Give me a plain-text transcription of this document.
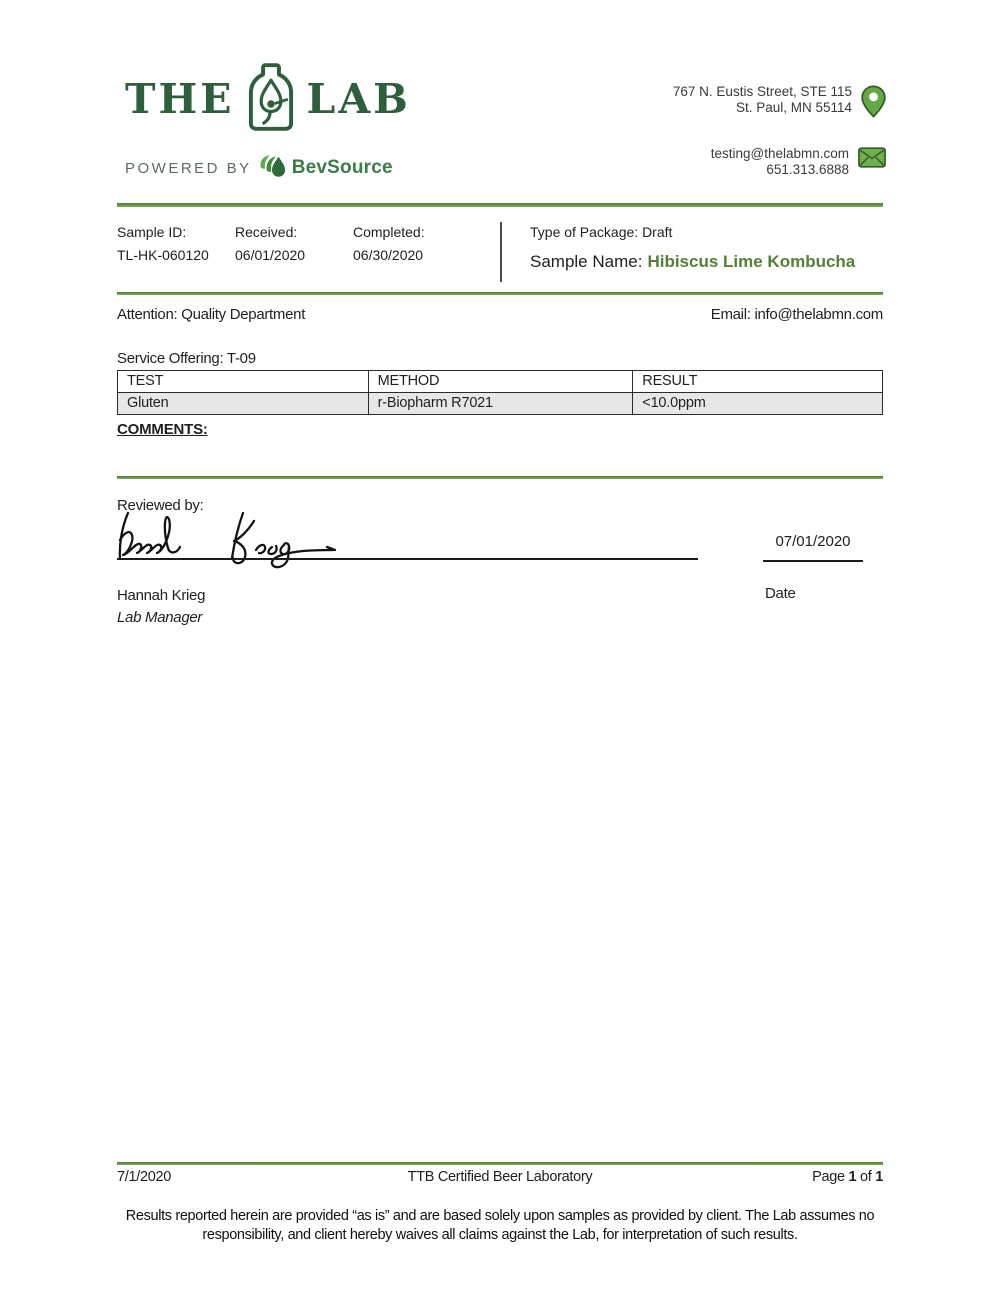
THE LAB
POWERED BY BevSource
767 N. Eustis Street, STE 115
St. Paul, MN 55114
testing@thelabmn.com
651.313.6888
Sample ID:
TL-HK-060120
Received:
06/01/2020
Completed:
06/30/2020
Type of Package: Draft
Sample Name: Hibiscus Lime Kombucha
Attention: Quality Department	Email: info@thelabmn.com
Service Offering: T-09
TEST	METHOD	RESULT
Gluten	r-Biopharm R7021	<10.0ppm
COMMENTS:
Reviewed by:
07/01/2020
Hannah Krieg
Lab Manager
Date
TTB Certified Beer Laboratory
7/1/2020	Page 1 of 1
Results reported herein are provided “as is” and are based solely upon samples as provided by client. The Lab assumes no responsibility, and client hereby waives all claims against the Lab, for interpretation of such results.
